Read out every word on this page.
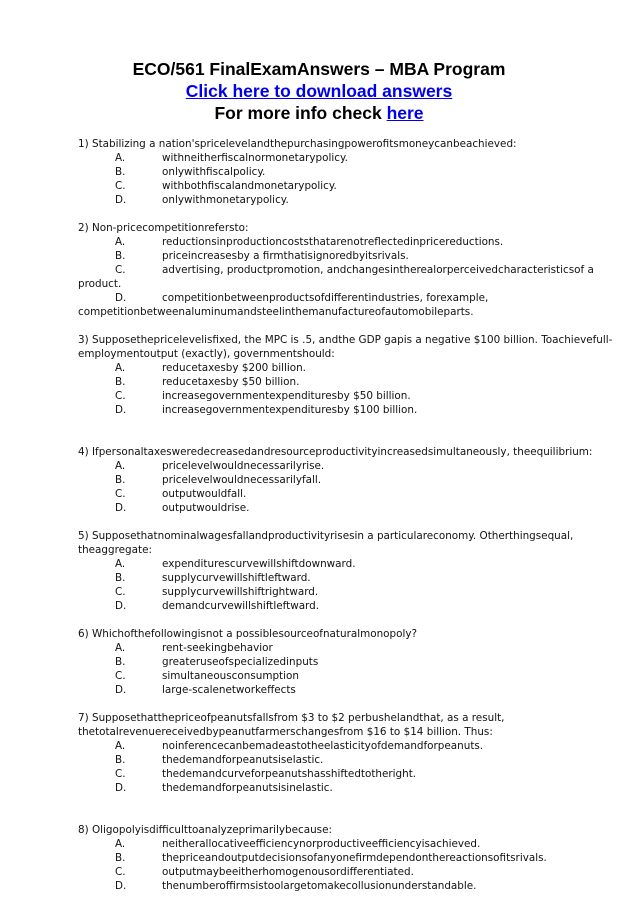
ECO/561 FinalExamAnswers – MBA Program
Click here to download answers
For more info check here
1) Stabilizing a nation'spricelevelandthepurchasingpowerofitsmoneycanbeachieved:
A.	withneitherfiscalnormonetarypolicy.
B.	onlywithfiscalpolicy.
C.	withbothfiscalandmonetarypolicy.
D.	onlywithmonetarypolicy.
2) Non-pricecompetitionrefersto:
A.	reductionsinproductioncoststhatarenotreflectedinpricereductions.
B.	priceincreasesby a firmthatisignoredbyitsrivals.
C.	advertising, productpromotion, andchangesintherealorperceivedcharacteristicsof a
product.
D.	competitionbetweenproductsofdifferentindustries, forexample,
competitionbetweenaluminumandsteelinthemanufactureofautomobileparts.
3) Supposethepricelevelisfixed, the MPC is .5, andthe GDP gapis a negative $100 billion. Toachievefull-
employmentoutput (exactly), governmentshould:
A.	reducetaxesby $200 billion.
B.	reducetaxesby $50 billion.
C.	increasegovernmentexpendituresby $50 billion.
D.	increasegovernmentexpendituresby $100 billion.
4) Ifpersonaltaxesweredecreasedandresourceproductivityincreasedsimultaneously, theequilibrium:
A.	pricelevelwouldnecessarilyrise.
B.	pricelevelwouldnecessarilyfall.
C.	outputwouldfall.
D.	outputwouldrise.
5) Supposethatnominalwagesfallandproductivityrisesin a particulareconomy. Otherthingsequal,
theaggregate:
A.	expenditurescurvewillshiftdownward.
B.	supplycurvewillshiftleftward.
C.	supplycurvewillshiftrightward.
D.	demandcurvewillshiftleftward.
6) Whichofthefollowingisnot a possiblesourceofnaturalmonopoly?
A.	rent-seekingbehavior
B.	greateruseofspecializedinputs
C.	simultaneousconsumption
D.	large-scalenetworkeffects
7) Supposethatthepriceofpeanutsfallsfrom $3 to $2 perbushelandthat, as a result,
thetotalrevenuereceivedbypeanutfarmerschangesfrom $16 to $14 billion. Thus:
A.	noinferencecanbemadeastotheelasticityofdemandforpeanuts.
B.	thedemandforpeanutsiselastic.
C.	thedemandcurveforpeanutshasshiftedtotheright.
D.	thedemandforpeanutsisinelastic.
8) Oligopolyisdifficulttoanalyzeprimarilybecause:
A.	neitherallocativeefficiencynorproductiveefficiencyisachieved.
B.	thepriceandoutputdecisionsofanyonefirmdependonthereactionsofitsrivals.
C.	outputmaybeeitherhomogenousordifferentiated.
D.	thenumberoffirmsistoolargetomakecollusionunderstandable.
